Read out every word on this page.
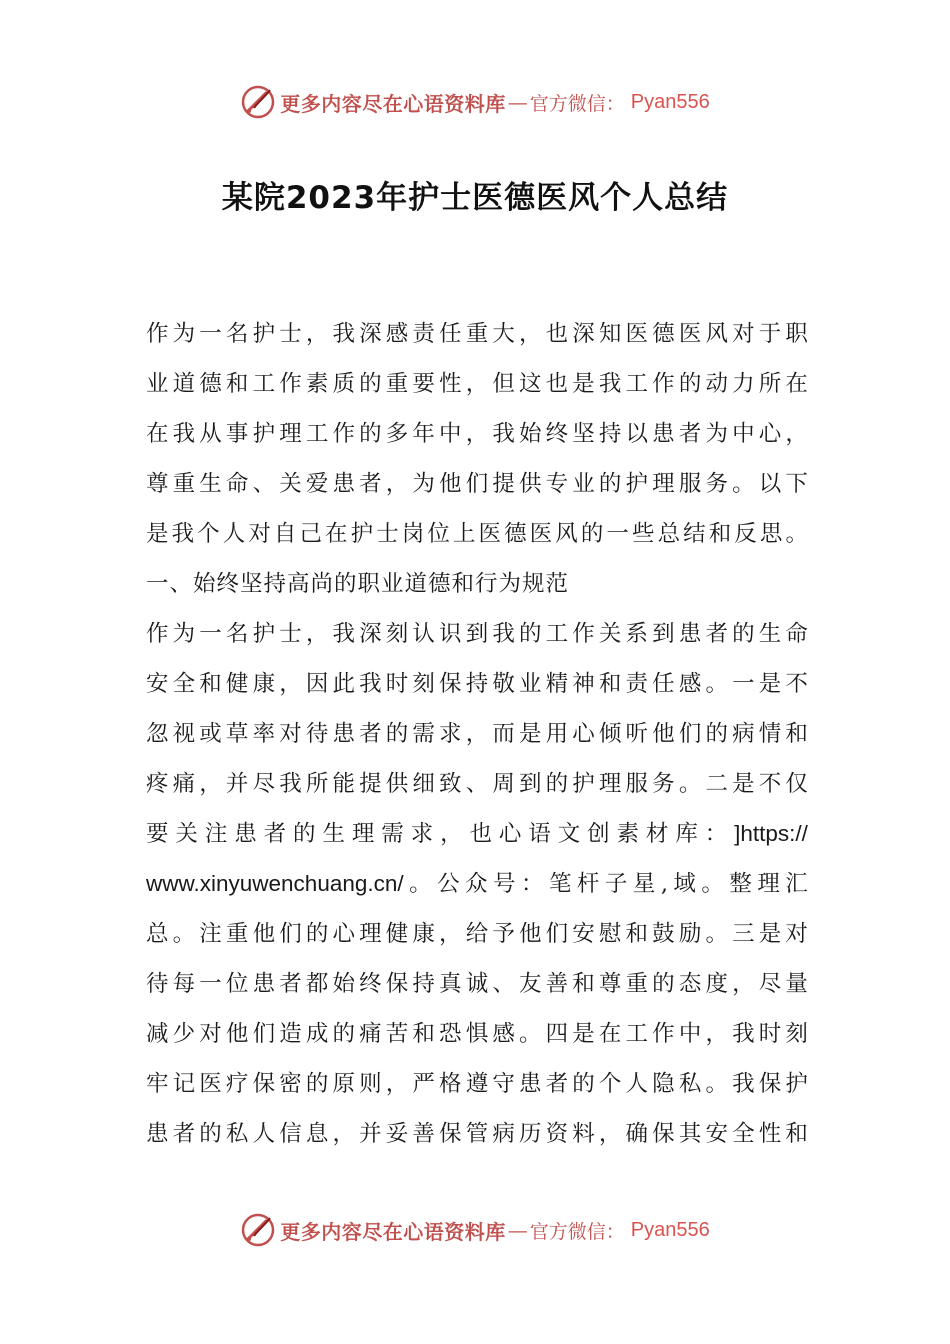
更多内容尽在心语资料库 — 官方微信： Pyan556
某院2023年护士医德医风个人总结
作 为 一 名 护 士 ， 我 深 感 责 任 重 大 ， 也 深 知 医 德 医 风 对 于 职
业 道 德 和 工 作 素 质 的 重 要 性 ， 但 这 也 是 我 工 作 的 动 力 所 在
在 我 从 事 护 理 工 作 的 多 年 中 ， 我 始 终 坚 持 以 患 者 为 中 心 ，
尊 重 生 命 、 关 爱 患 者 ， 为 他 们 提 供 专 业 的 护 理 服 务 。 以 下
是 我 个 人 对 自 己 在 护 士 岗 位 上 医 德 医 风 的 一 些 总 结 和 反 思 。
一、始终坚持高尚的职业道德和行为规范
作 为 一 名 护 士 ， 我 深 刻 认 识 到 我 的 工 作 关 系 到 患 者 的 生 命
安 全 和 健 康 ， 因 此 我 时 刻 保 持 敬 业 精 神 和 责 任 感 。 一 是 不
忽 视 或 草 率 对 待 患 者 的 需 求 ， 而 是 用 心 倾 听 他 们 的 病 情 和
疼 痛 ， 并 尽 我 所 能 提 供 细 致 、 周 到 的 护 理 服 务 。 二 是 不 仅
要 关 注 患 者 的 生 理 需 求 ， 也 心 语 文 创 素 材 库 ： ]https://
www.xinyuwenchuang.cn/ 。 公 众 号 ： 笔 杆 子 星 , 域 。 整 理 汇
总 。 注 重 他 们 的 心 理 健 康 ， 给 予 他 们 安 慰 和 鼓 励 。 三 是 对
待 每 一 位 患 者 都 始 终 保 持 真 诚 、 友 善 和 尊 重 的 态 度 ， 尽 量
减 少 对 他 们 造 成 的 痛 苦 和 恐 惧 感 。 四 是 在 工 作 中 ， 我 时 刻
牢 记 医 疗 保 密 的 原 则 ， 严 格 遵 守 患 者 的 个 人 隐 私 。 我 保 护
患 者 的 私 人 信 息 ， 并 妥 善 保 管 病 历 资 料 ， 确 保 其 安 全 性 和
更多内容尽在心语资料库 — 官方微信： Pyan556
